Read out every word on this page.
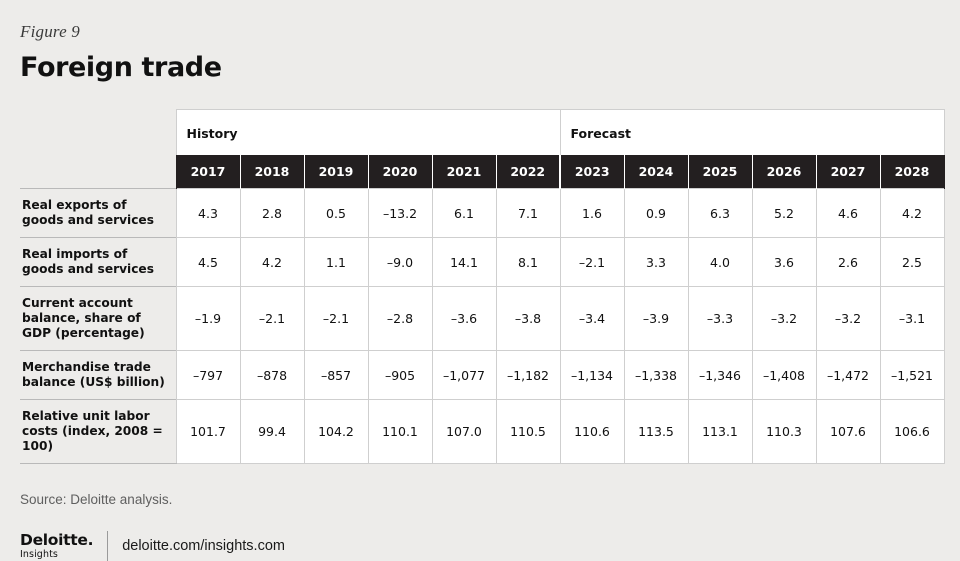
Figure 9
Foreign trade
	History						Forecast					
	2017	2018	2019	2020	2021	2022	2023	2024	2025	2026	2027	2028
Real exports of goods and services	4.3	2.8	0.5	–13.2	6.1	7.1	1.6	0.9	6.3	5.2	4.6	4.2
Real imports of goods and services	4.5	4.2	1.1	–9.0	14.1	8.1	–2.1	3.3	4.0	3.6	2.6	2.5
Current account balance, share of GDP (percentage)	–1.9	–2.1	–2.1	–2.8	–3.6	–3.8	–3.4	–3.9	–3.3	–3.2	–3.2	–3.1
Merchandise trade balance (US$ billion)	–797	–878	–857	–905	–1,077	–1,182	–1,134	–1,338	–1,346	–1,408	–1,472	–1,521
Relative unit labor costs (index, 2008 = 100)	101.7	99.4	104.2	110.1	107.0	110.5	110.6	113.5	113.1	110.3	107.6	106.6
Source: Deloitte analysis.
Deloitte.
Insights
deloitte.com/insights.com
